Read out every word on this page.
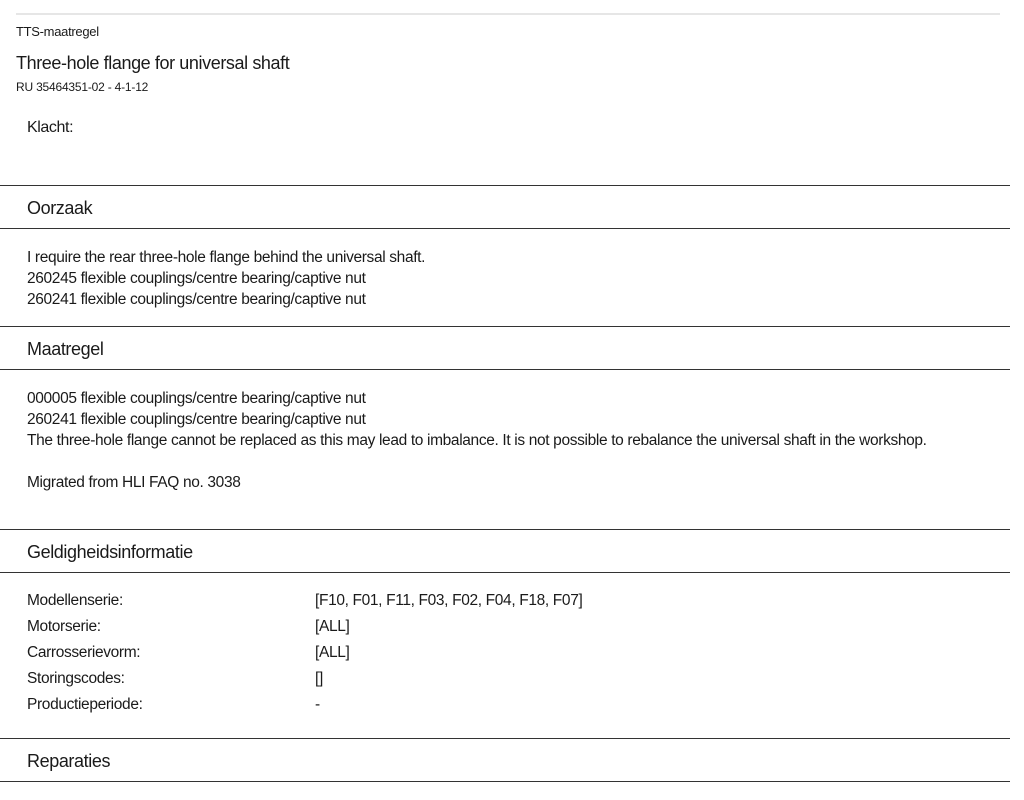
TTS-maatregel
Three-hole flange for universal shaft
RU 35464351-02 - 4-1-12
Klacht:
Oorzaak

I require the rear three-hole flange behind the universal shaft.

260245 flexible couplings/centre bearing/captive nut

260241 flexible couplings/centre bearing/captive nut

Maatregel

000005 flexible couplings/centre bearing/captive nut

260241 flexible couplings/centre bearing/captive nut

The three-hole flange cannot be replaced as this may lead to imbalance. It is not possible to rebalance the universal shaft in the workshop.

Migrated from HLI FAQ no. 3038

Geldigheidsinformatie
Modellenserie:	[F10, F01, F11, F03, F02, F04, F18, F07]
Motorserie:	[ALL]
Carrosserievorm:	[ALL]
Storingscodes:	[]
Productieperiode:	-
Reparaties
